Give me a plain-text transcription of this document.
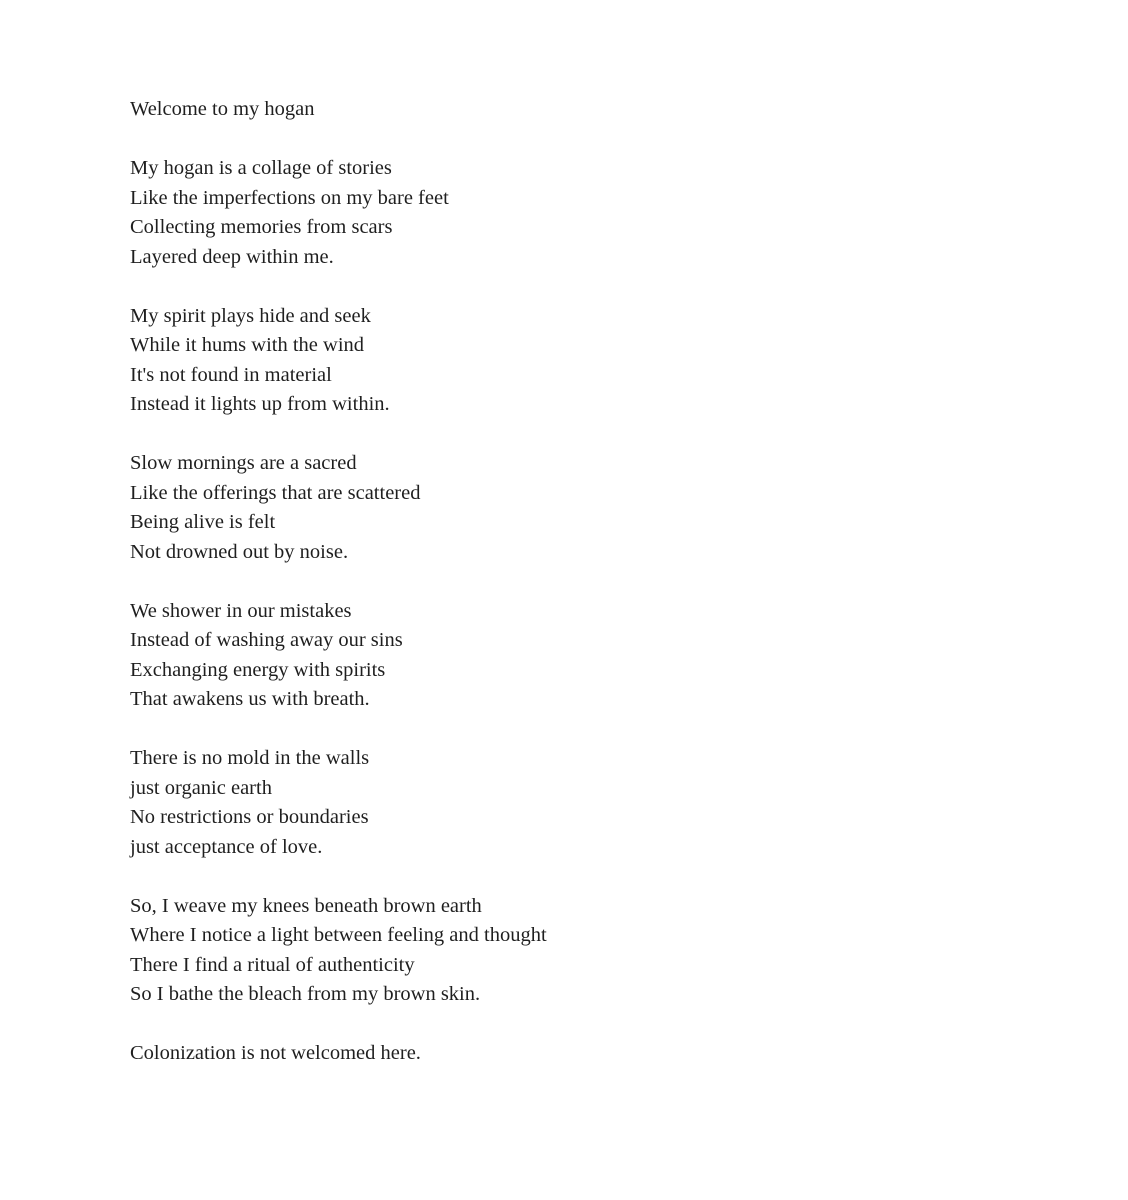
Welcome to my hogan
My hogan is a collage of stories
Like the imperfections on my bare feet
Collecting memories from scars
Layered deep within me.
My spirit plays hide and seek
While it hums with the wind
It's not found in material
Instead it lights up from within.
Slow mornings are a sacred
Like the offerings that are scattered
Being alive is felt
Not drowned out by noise.
We shower in our mistakes
Instead of washing away our sins
Exchanging energy with spirits
That awakens us with breath.
There is no mold in the walls
just organic earth
No restrictions or boundaries
just acceptance of love.
So, I weave my knees beneath brown earth
Where I notice a light between feeling and thought
There I find a ritual of authenticity
So I bathe the bleach from my brown skin.
Colonization is not welcomed here.
